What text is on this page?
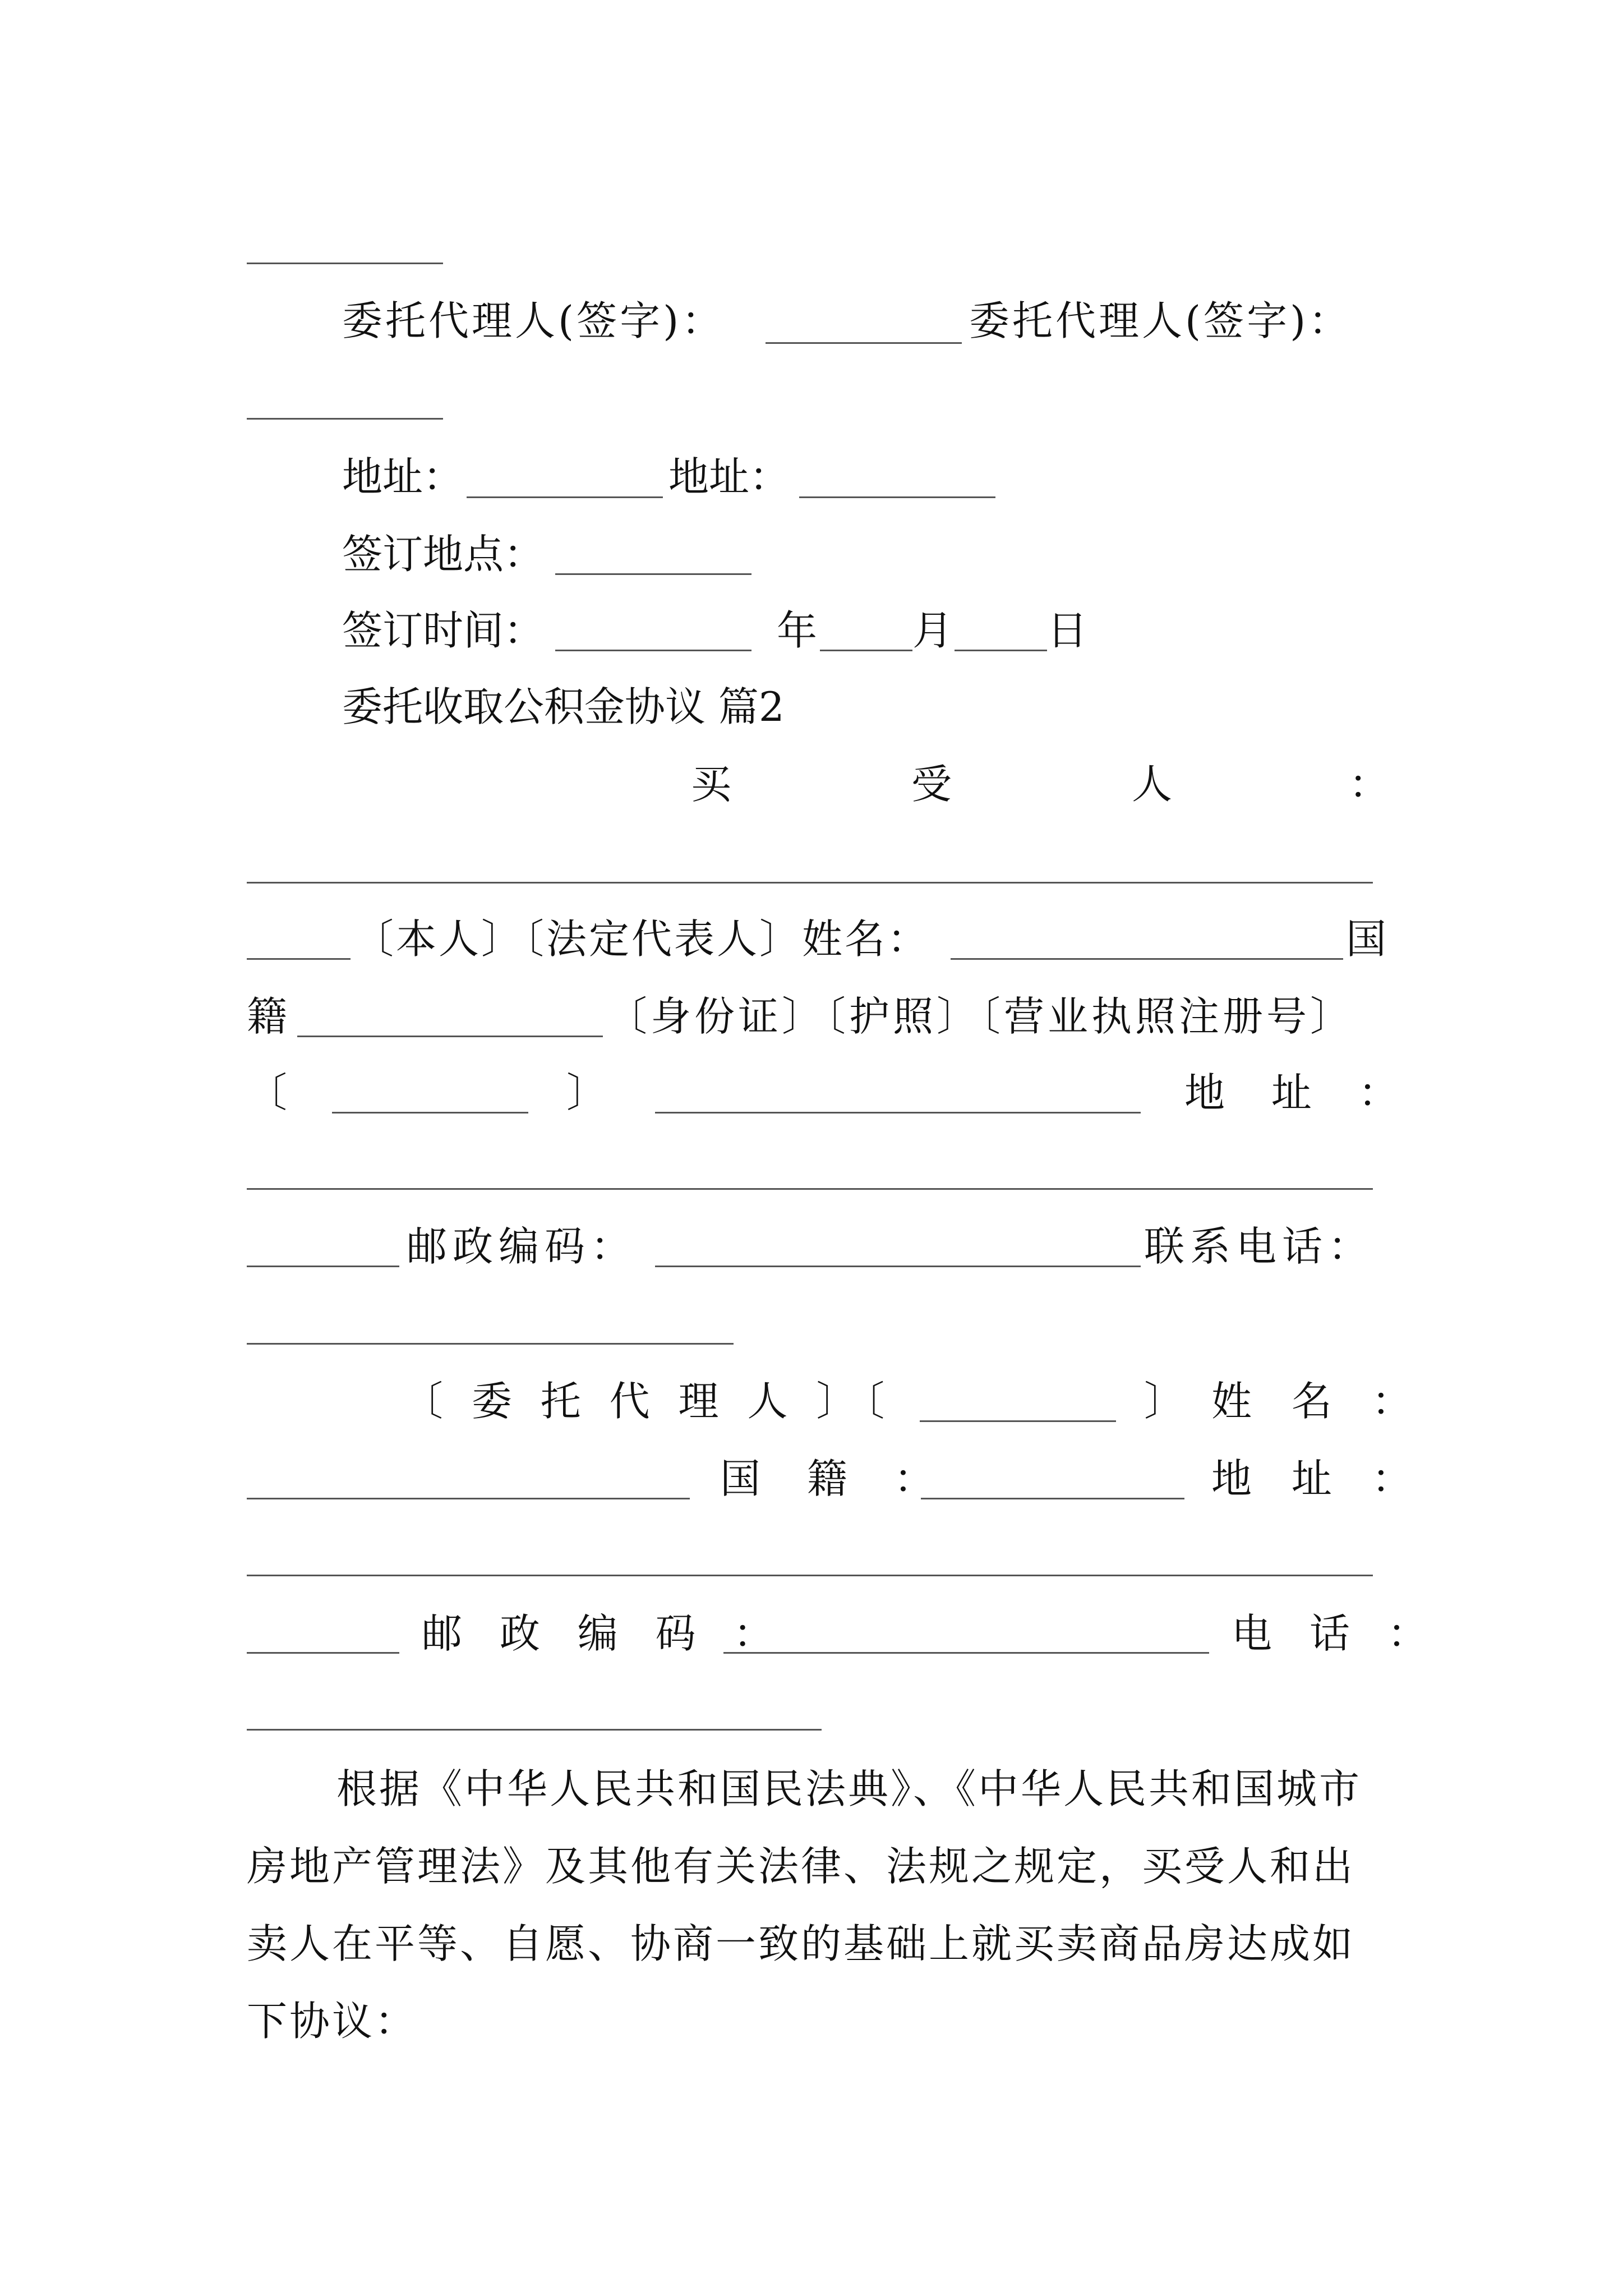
委托代理人(签字)：	委托代理人(签字)：
地址：	地址：
签订地点：
签订时间：	年 月 日
委托收取公积金协议 篇2
买	受	人	：
〔本人〕〔法定代表人〕姓名：	国
籍	〔身份证〕〔护照〕〔营业执照注册号〕
〔	〕	地 址 ：
邮政编码：	联系电话：
〔 委 托 代 理 人 〕〔	〕 姓 名 ：
国 籍 ：	地 址 ：
邮 政 编 码 ：	电 话 ：
根据《中华人民共和国民法典》、《中华人民共和国城市房地产管理法》及其他有关法律、法规之规定，买受人和出卖人在平等、自愿、协商一致的基础上就买卖商品房达成如下协议：
